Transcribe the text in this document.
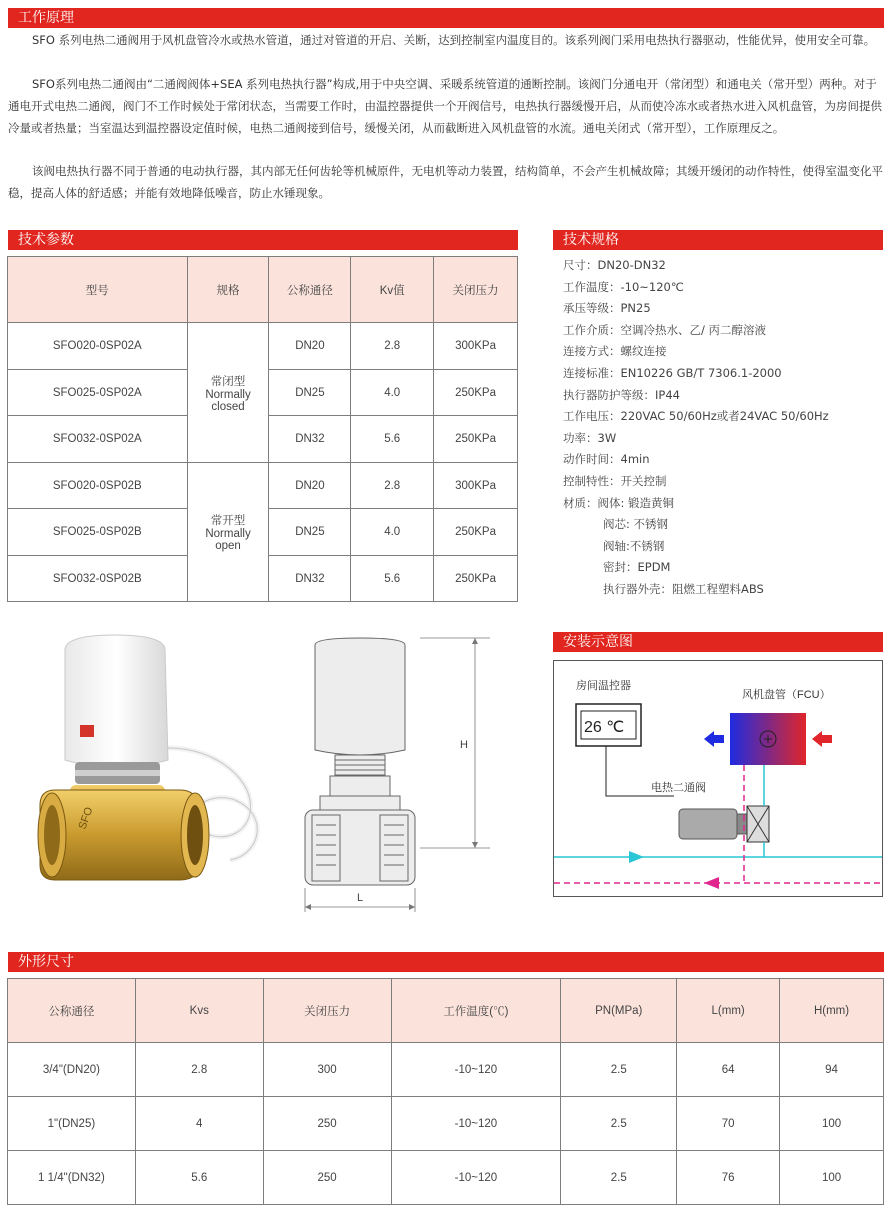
工作原理
SFO 系列电热二通阀用于风机盘管冷水或热水管道，通过对管道的开启、关断，达到控制室内温度目的。该系列阀门采用电热执行器驱动，性能优异，使用安全可靠。
SFO系列电热二通阀由“二通阀阀体+SEA 系列电热执行器”构成,用于中央空调、采暖系统管道的通断控制。该阀门分通电开（常闭型）和通电关（常开型）两种。对于通电开式电热二通阀，阀门不工作时候处于常闭状态，当需要工作时，由温控器提供一个开阀信号，电热执行器缓慢开启，从而使冷冻水或者热水进入风机盘管，为房间提供冷量或者热量；当室温达到温控器设定值时候，电热二通阀接到信号，缓慢关闭，从而截断进入风机盘管的水流。通电关闭式（常开型），工作原理反之。
该阀电热执行器不同于普通的电动执行器，其内部无任何齿轮等机械原件，无电机等动力装置，结构简单，不会产生机械故障；其缓开缓闭的动作特性，使得室温变化平稳，提高人体的舒适感；并能有效地降低噪音，防止水锤现象。
技术参数
型号	规格	公称通径	Kv值	关闭压力
SFO020-0SP02A	常闭型
Normally
closed	DN20	2.8	300KPa
SFO025-0SP02A		DN25	4.0	250KPa
SFO032-0SP02A		DN32	5.6	250KPa
SFO020-0SP02B	常开型
Normally
open	DN20	2.8	300KPa
SFO025-0SP02B		DN25	4.0	250KPa
SFO032-0SP02B		DN32	5.6	250KPa
技术规格
尺寸：DN20-DN32
工作温度：-10~120℃
承压等级：PN25
工作介质：空调冷热水、乙/ 丙二醇溶液
连接方式：螺纹连接
连接标准：EN10226 GB/T 7306.1-2000
执行器防护等级：IP44
工作电压：220VAC 50/60Hz或者24VAC 50/60Hz
功率：3W
动作时间：4min
控制特性：开关控制
材质：阀体: 锻造黄铜
阀芯: 不锈钢
阀轴:不锈钢
密封：EPDM
执行器外壳：阻燃工程塑料ABS
SFO
H
L
安装示意图
房间温控器
26 ℃
风机盘管（FCU）
电热二通阀
外形尺寸
公称通径	Kvs	关闭压力	工作温度(℃)	PN(MPa)	L(mm)	H(mm)
3/4"(DN20)	2.8	300	-10~120	2.5	64	94
1"(DN25)	4	250	-10~120	2.5	70	100
1 1/4"(DN32)	5.6	250	-10~120	2.5	76	100
